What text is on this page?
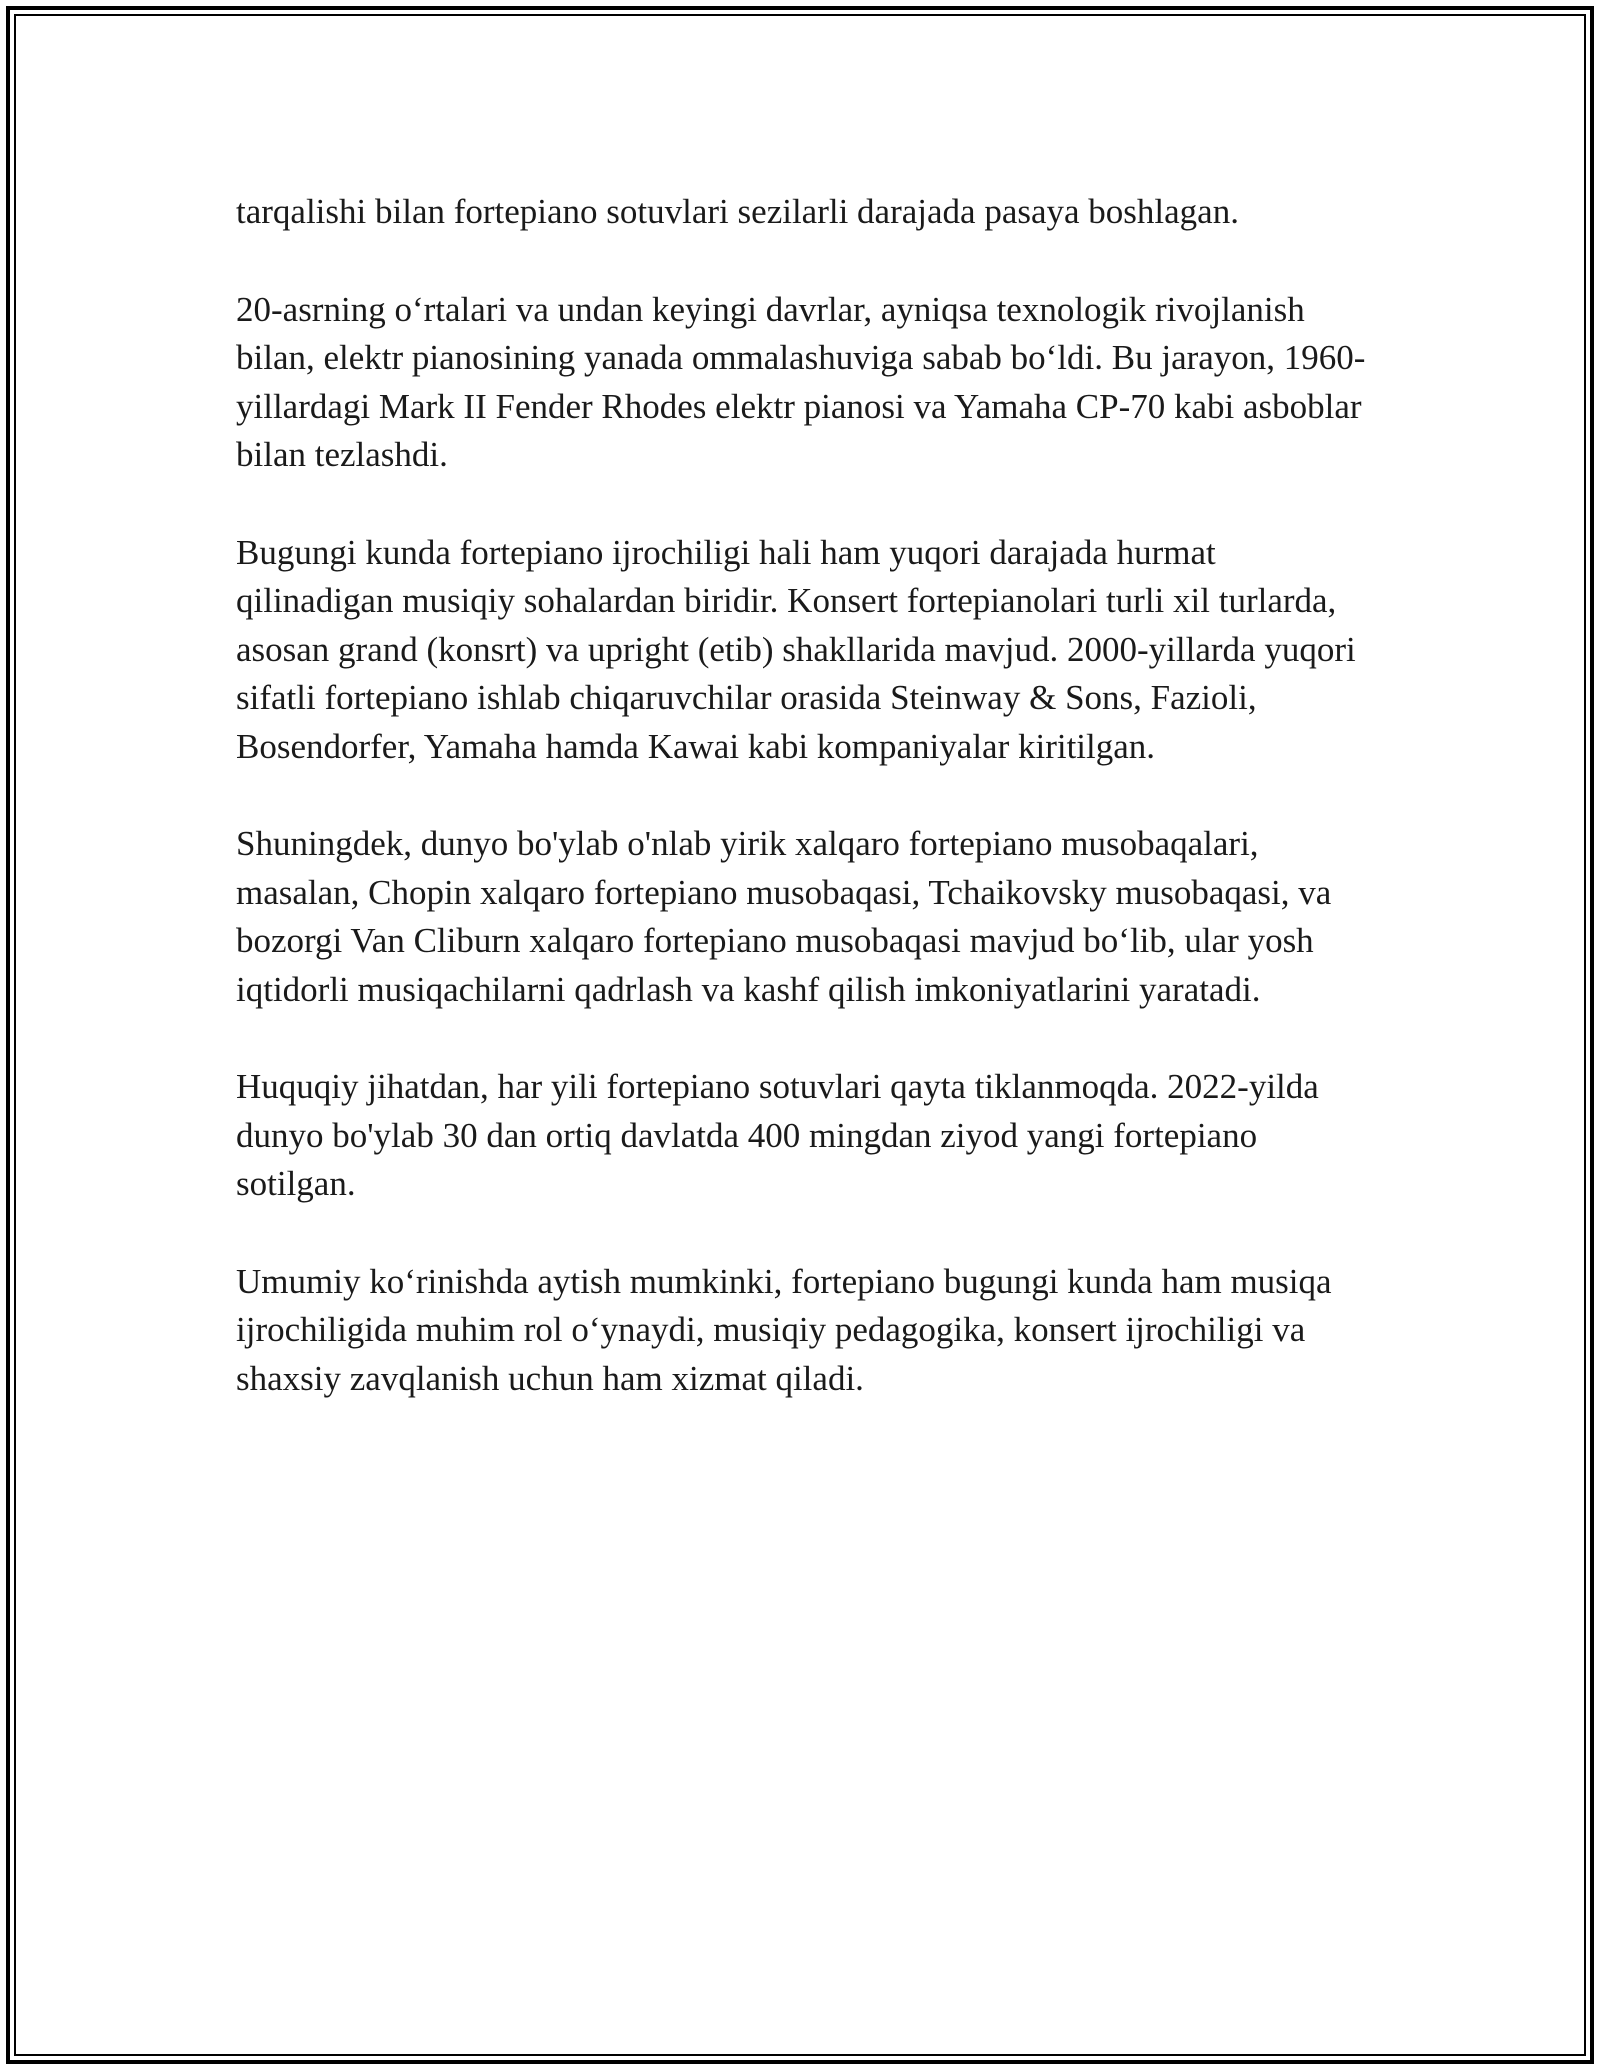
tarqalishi bilan fortepiano sotuvlari sezilarli darajada pasaya boshlagan.

20-asrning o‘rtalari va undan keyingi davrlar, ayniqsa texnologik rivojlanish bilan, elektr pianosining yanada ommalashuviga sabab bo‘ldi. Bu jarayon, 1960-yillardagi Mark II Fender Rhodes elektr pianosi va Yamaha CP-70 kabi asboblar bilan tezlashdi.

Bugungi kunda fortepiano ijrochiligi hali ham yuqori darajada hurmat qilinadigan musiqiy sohalardan biridir. Konsert fortepianolari turli xil turlarda, asosan grand (konsrt) va upright (etib) shakllarida mavjud. 2000-yillarda yuqori sifatli fortepiano ishlab chiqaruvchilar orasida Steinway & Sons, Fazioli, Bosendorfer, Yamaha hamda Kawai kabi kompaniyalar kiritilgan.

Shuningdek, dunyo bo'ylab o'nlab yirik xalqaro fortepiano musobaqalari, masalan, Chopin xalqaro fortepiano musobaqasi, Tchaikovsky musobaqasi, va bozorgi Van Cliburn xalqaro fortepiano musobaqasi mavjud bo‘lib, ular yosh iqtidorli musiqachilarni qadrlash va kashf qilish imkoniyatlarini yaratadi.

Huquqiy jihatdan, har yili fortepiano sotuvlari qayta tiklanmoqda. 2022-yilda dunyo bo'ylab 30 dan ortiq davlatda 400 mingdan ziyod yangi fortepiano sotilgan.

Umumiy ko‘rinishda aytish mumkinki, fortepiano bugungi kunda ham musiqa ijrochiligida muhim rol o‘ynaydi, musiqiy pedagogika, konsert ijrochiligi va shaxsiy zavqlanish uchun ham xizmat qiladi.
